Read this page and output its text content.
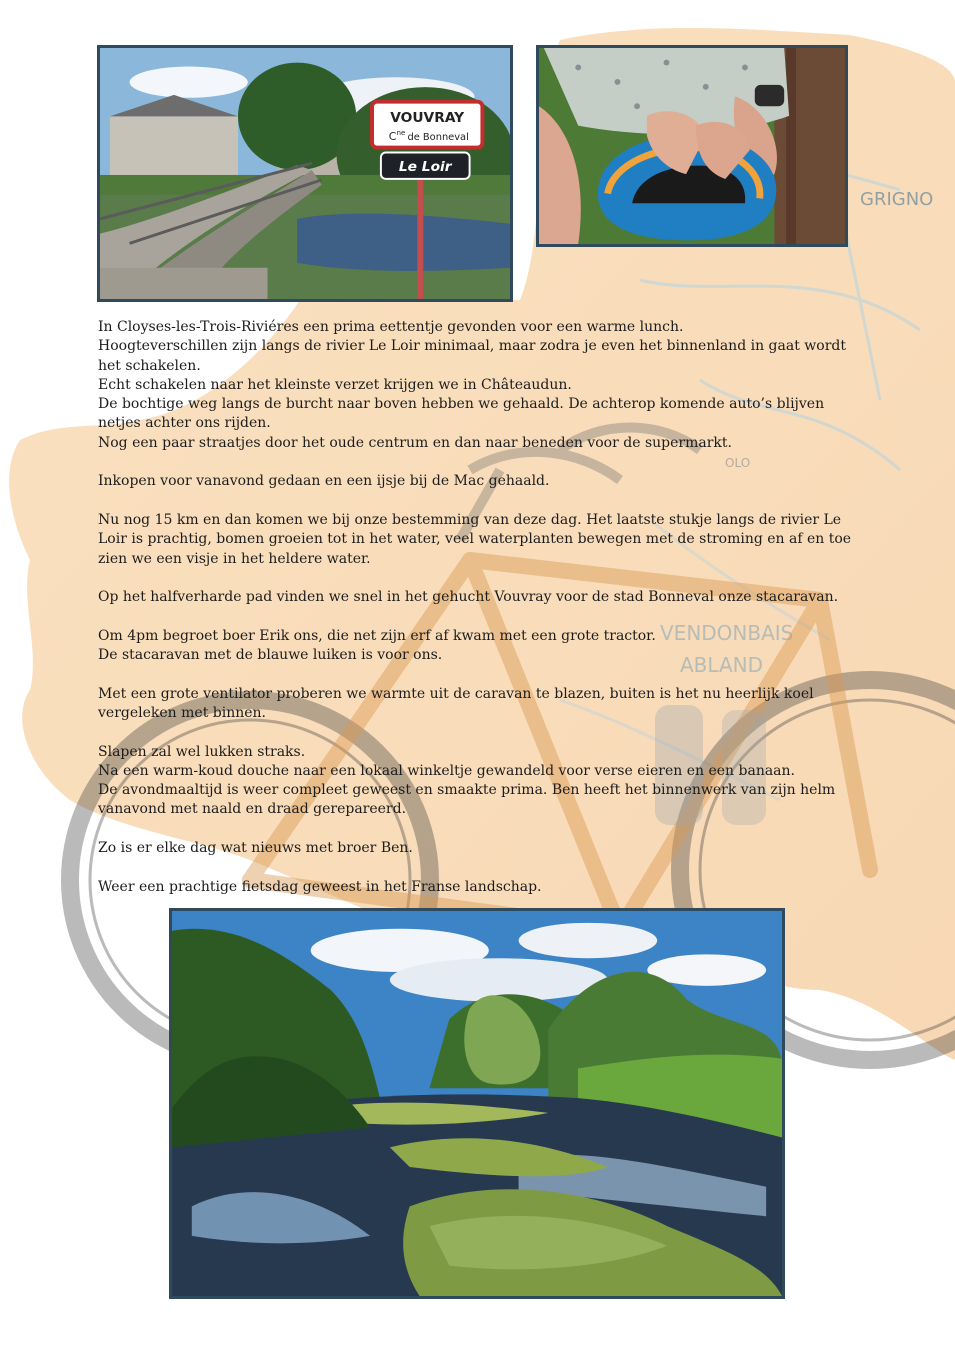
GRIGNO
VENDONBAIS
ABLAND
OLO
VOUVRAY
C ne de Bonneval
Le Loir

In Cloyses-les-Trois-Riviéres een prima eettentje gevonden voor een warme lunch.
Hoogteverschillen zijn langs de rivier Le Loir minimaal, maar zodra je even het binnenland in gaat wordt het schakelen.
Echt schakelen naar het kleinste verzet krijgen we in Châteaudun.
De bochtige weg langs de burcht naar boven hebben we gehaald. De achterop komende auto’s blijven netjes achter ons rijden.
Nog een paar straatjes door het oude centrum en dan naar beneden voor de supermarkt.

Inkopen voor vanavond gedaan en een ijsje bij de Mac gehaald.

Nu nog 15 km en dan komen we bij onze bestemming van deze dag. Het laatste stukje langs de rivier Le Loir is prachtig, bomen groeien tot in het water, veel waterplanten bewegen met de stroming en af en toe zien we een visje in het heldere water.

Op het halfverharde pad vinden we snel in het gehucht Vouvray voor de stad Bonneval onze stacaravan.

Om 4pm begroet boer Erik ons, die net zijn erf af kwam met een grote tractor.
De stacaravan met de blauwe luiken is voor ons.

Met een grote ventilator proberen we warmte uit de caravan te blazen, buiten is het nu heerlijk koel vergeleken met binnen.

Slapen zal wel lukken straks.
Na een warm-koud douche naar een lokaal winkeltje gewandeld voor verse eieren en een banaan.
De avondmaaltijd is weer compleet geweest en smaakte prima. Ben heeft het binnenwerk van zijn helm vanavond met naald en draad gerepareerd.

Zo is er elke dag wat nieuws met broer Ben.

Weer een prachtige fietsdag geweest in het Franse landschap.
